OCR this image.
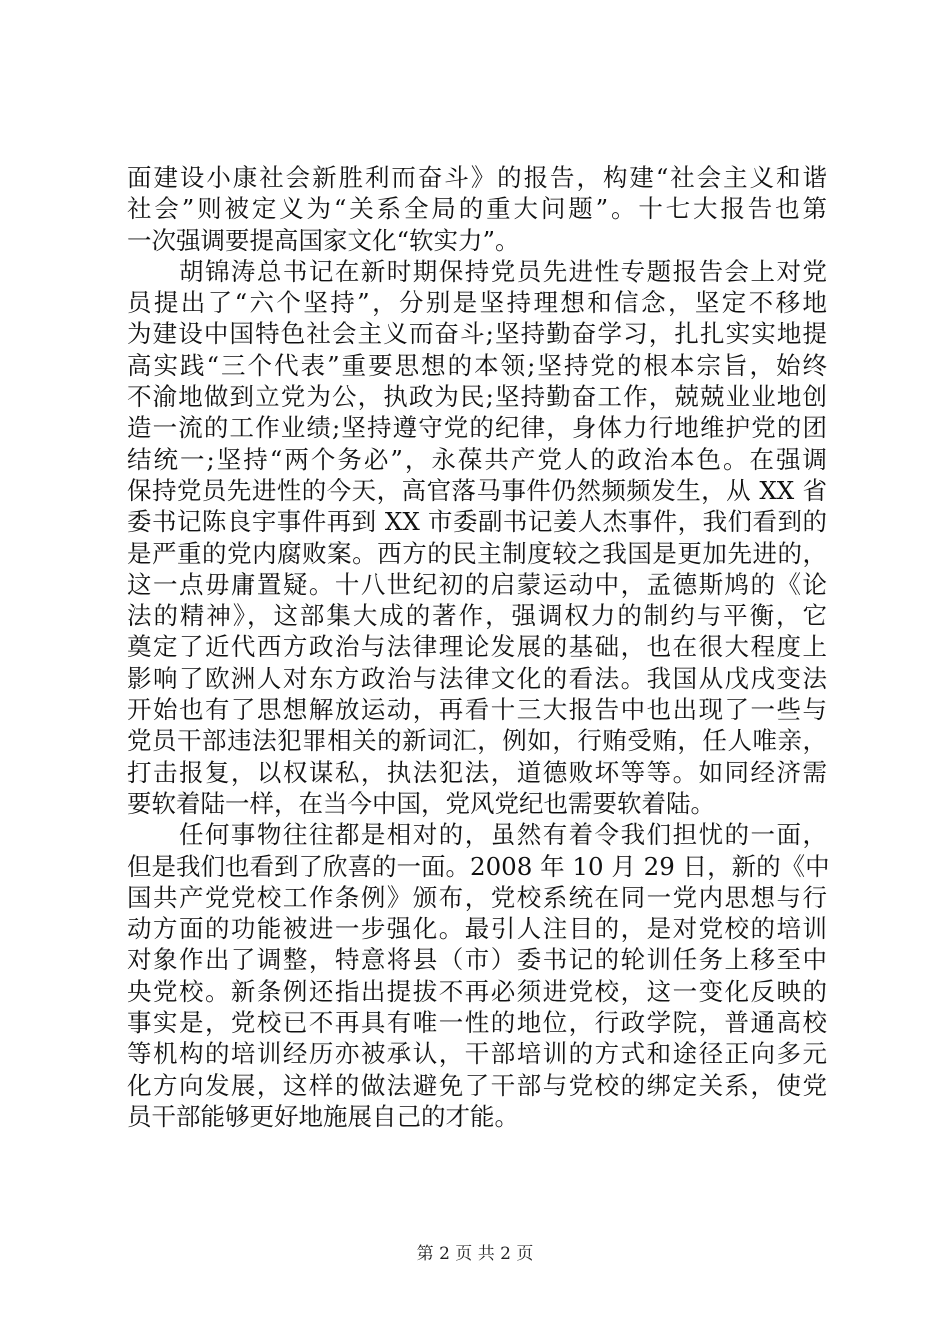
面建设小康社会新胜利而奋斗》的报告，构建“社会主义和谐
社会”则被定义为“关系全局的重大问题”。十七大报告也第
一次强调要提高国家文化“软实力”。
　　胡锦涛总书记在新时期保持党员先进性专题报告会上对党
员提出了“六个坚持”，分别是坚持理想和信念，坚定不移地
为建设中国特色社会主义而奋斗;坚持勤奋学习，扎扎实实地提
高实践“三个代表”重要思想的本领;坚持党的根本宗旨，始终
不渝地做到立党为公，执政为民;坚持勤奋工作，兢兢业业地创
造一流的工作业绩;坚持遵守党的纪律，身体力行地维护党的团
结统一;坚持“两个务必”，永葆共产党人的政治本色。在强调
保持党员先进性的今天，高官落马事件仍然频频发生，从 XX 省
委书记陈良宇事件再到 XX 市委副书记姜人杰事件，我们看到的
是严重的党内腐败案。西方的民主制度较之我国是更加先进的，
这一点毋庸置疑。十八世纪初的启蒙运动中，孟德斯鸠的《论
法的精神》，这部集大成的著作，强调权力的制约与平衡，它
奠定了近代西方政治与法律理论发展的基础，也在很大程度上
影响了欧洲人对东方政治与法律文化的看法。我国从戊戌变法
开始也有了思想解放运动，再看十三大报告中也出现了一些与
党员干部违法犯罪相关的新词汇，例如，行贿受贿，任人唯亲，
打击报复，以权谋私，执法犯法，道德败坏等等。如同经济需
要软着陆一样，在当今中国，党风党纪也需要软着陆。
　　任何事物往往都是相对的，虽然有着令我们担忧的一面，
但是我们也看到了欣喜的一面。2008 年 10 月 29 日，新的《中
国共产党党校工作条例》颁布，党校系统在同一党内思想与行
动方面的功能被进一步强化。最引人注目的，是对党校的培训
对象作出了调整，特意将县（市）委书记的轮训任务上移至中
央党校。新条例还指出提拔不再必须进党校，这一变化反映的
事实是，党校已不再具有唯一性的地位，行政学院，普通高校
等机构的培训经历亦被承认，干部培训的方式和途径正向多元
化方向发展，这样的做法避免了干部与党校的绑定关系，使党
员干部能够更好地施展自己的才能。
第 2 页 共 2 页
